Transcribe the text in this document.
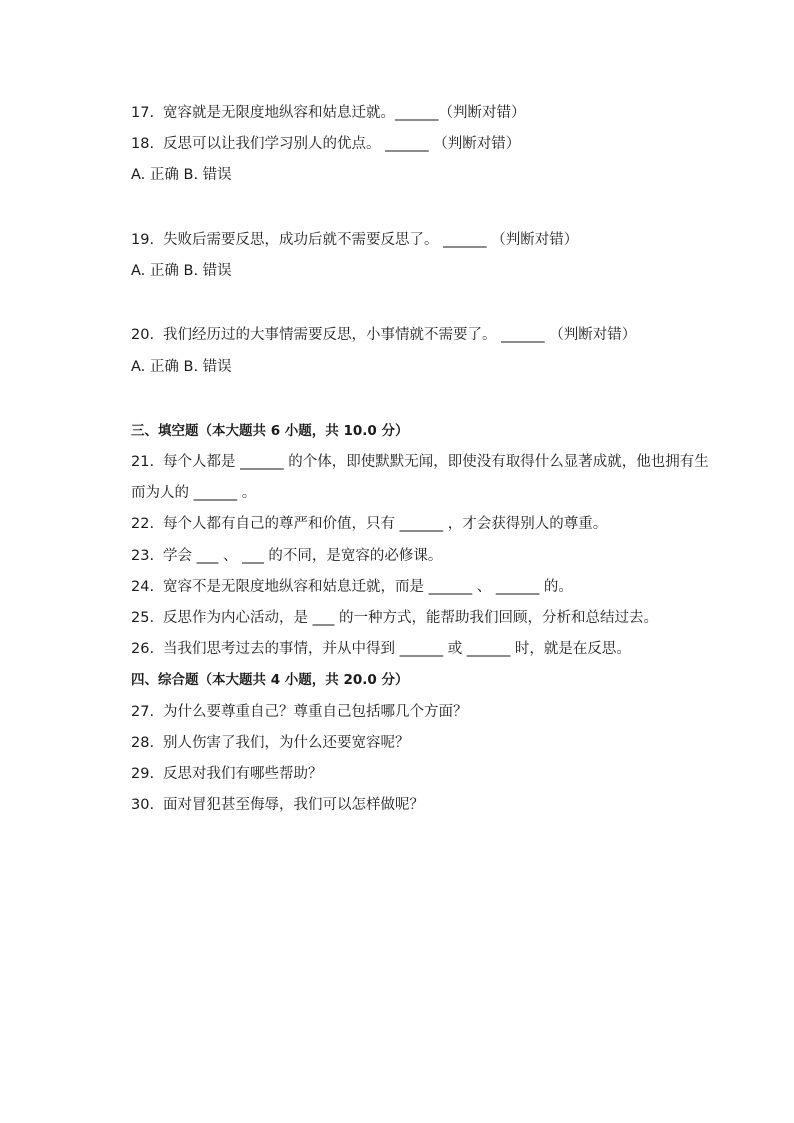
17. 宽容就是无限度地纵容和姑息迁就。______（判断对错）
18. 反思可以让我们学习别人的优点。 ______ （判断对错）
A. 正确 B. 错误
19. 失败后需要反思，成功后就不需要反思了。 ______ （判断对错）
A. 正确 B. 错误
20. 我们经历过的大事情需要反思，小事情就不需要了。 ______ （判断对错）
A. 正确 B. 错误
三、填空题（本大题共 6 小题，共 10.0 分）
21. 每个人都是 ______ 的个体，即使默默无闻，即使没有取得什么显著成就，他也拥有生
而为人的 ______ 。
22. 每个人都有自己的尊严和价值，只有 ______ ，才会获得别人的尊重。
23. 学会 ___ 、 ___ 的不同，是宽容的必修课。
24. 宽容不是无限度地纵容和姑息迁就，而是 ______ 、 ______ 的。
25. 反思作为内心活动，是 ___ 的一种方式，能帮助我们回顾，分析和总结过去。
26. 当我们思考过去的事情，并从中得到 ______ 或 ______ 时，就是在反思。
四、综合题（本大题共 4 小题，共 20.0 分）
27. 为什么要尊重自己？尊重自己包括哪几个方面？
28. 别人伤害了我们，为什么还要宽容呢？
29. 反思对我们有哪些帮助？
30. 面对冒犯甚至侮辱，我们可以怎样做呢？
